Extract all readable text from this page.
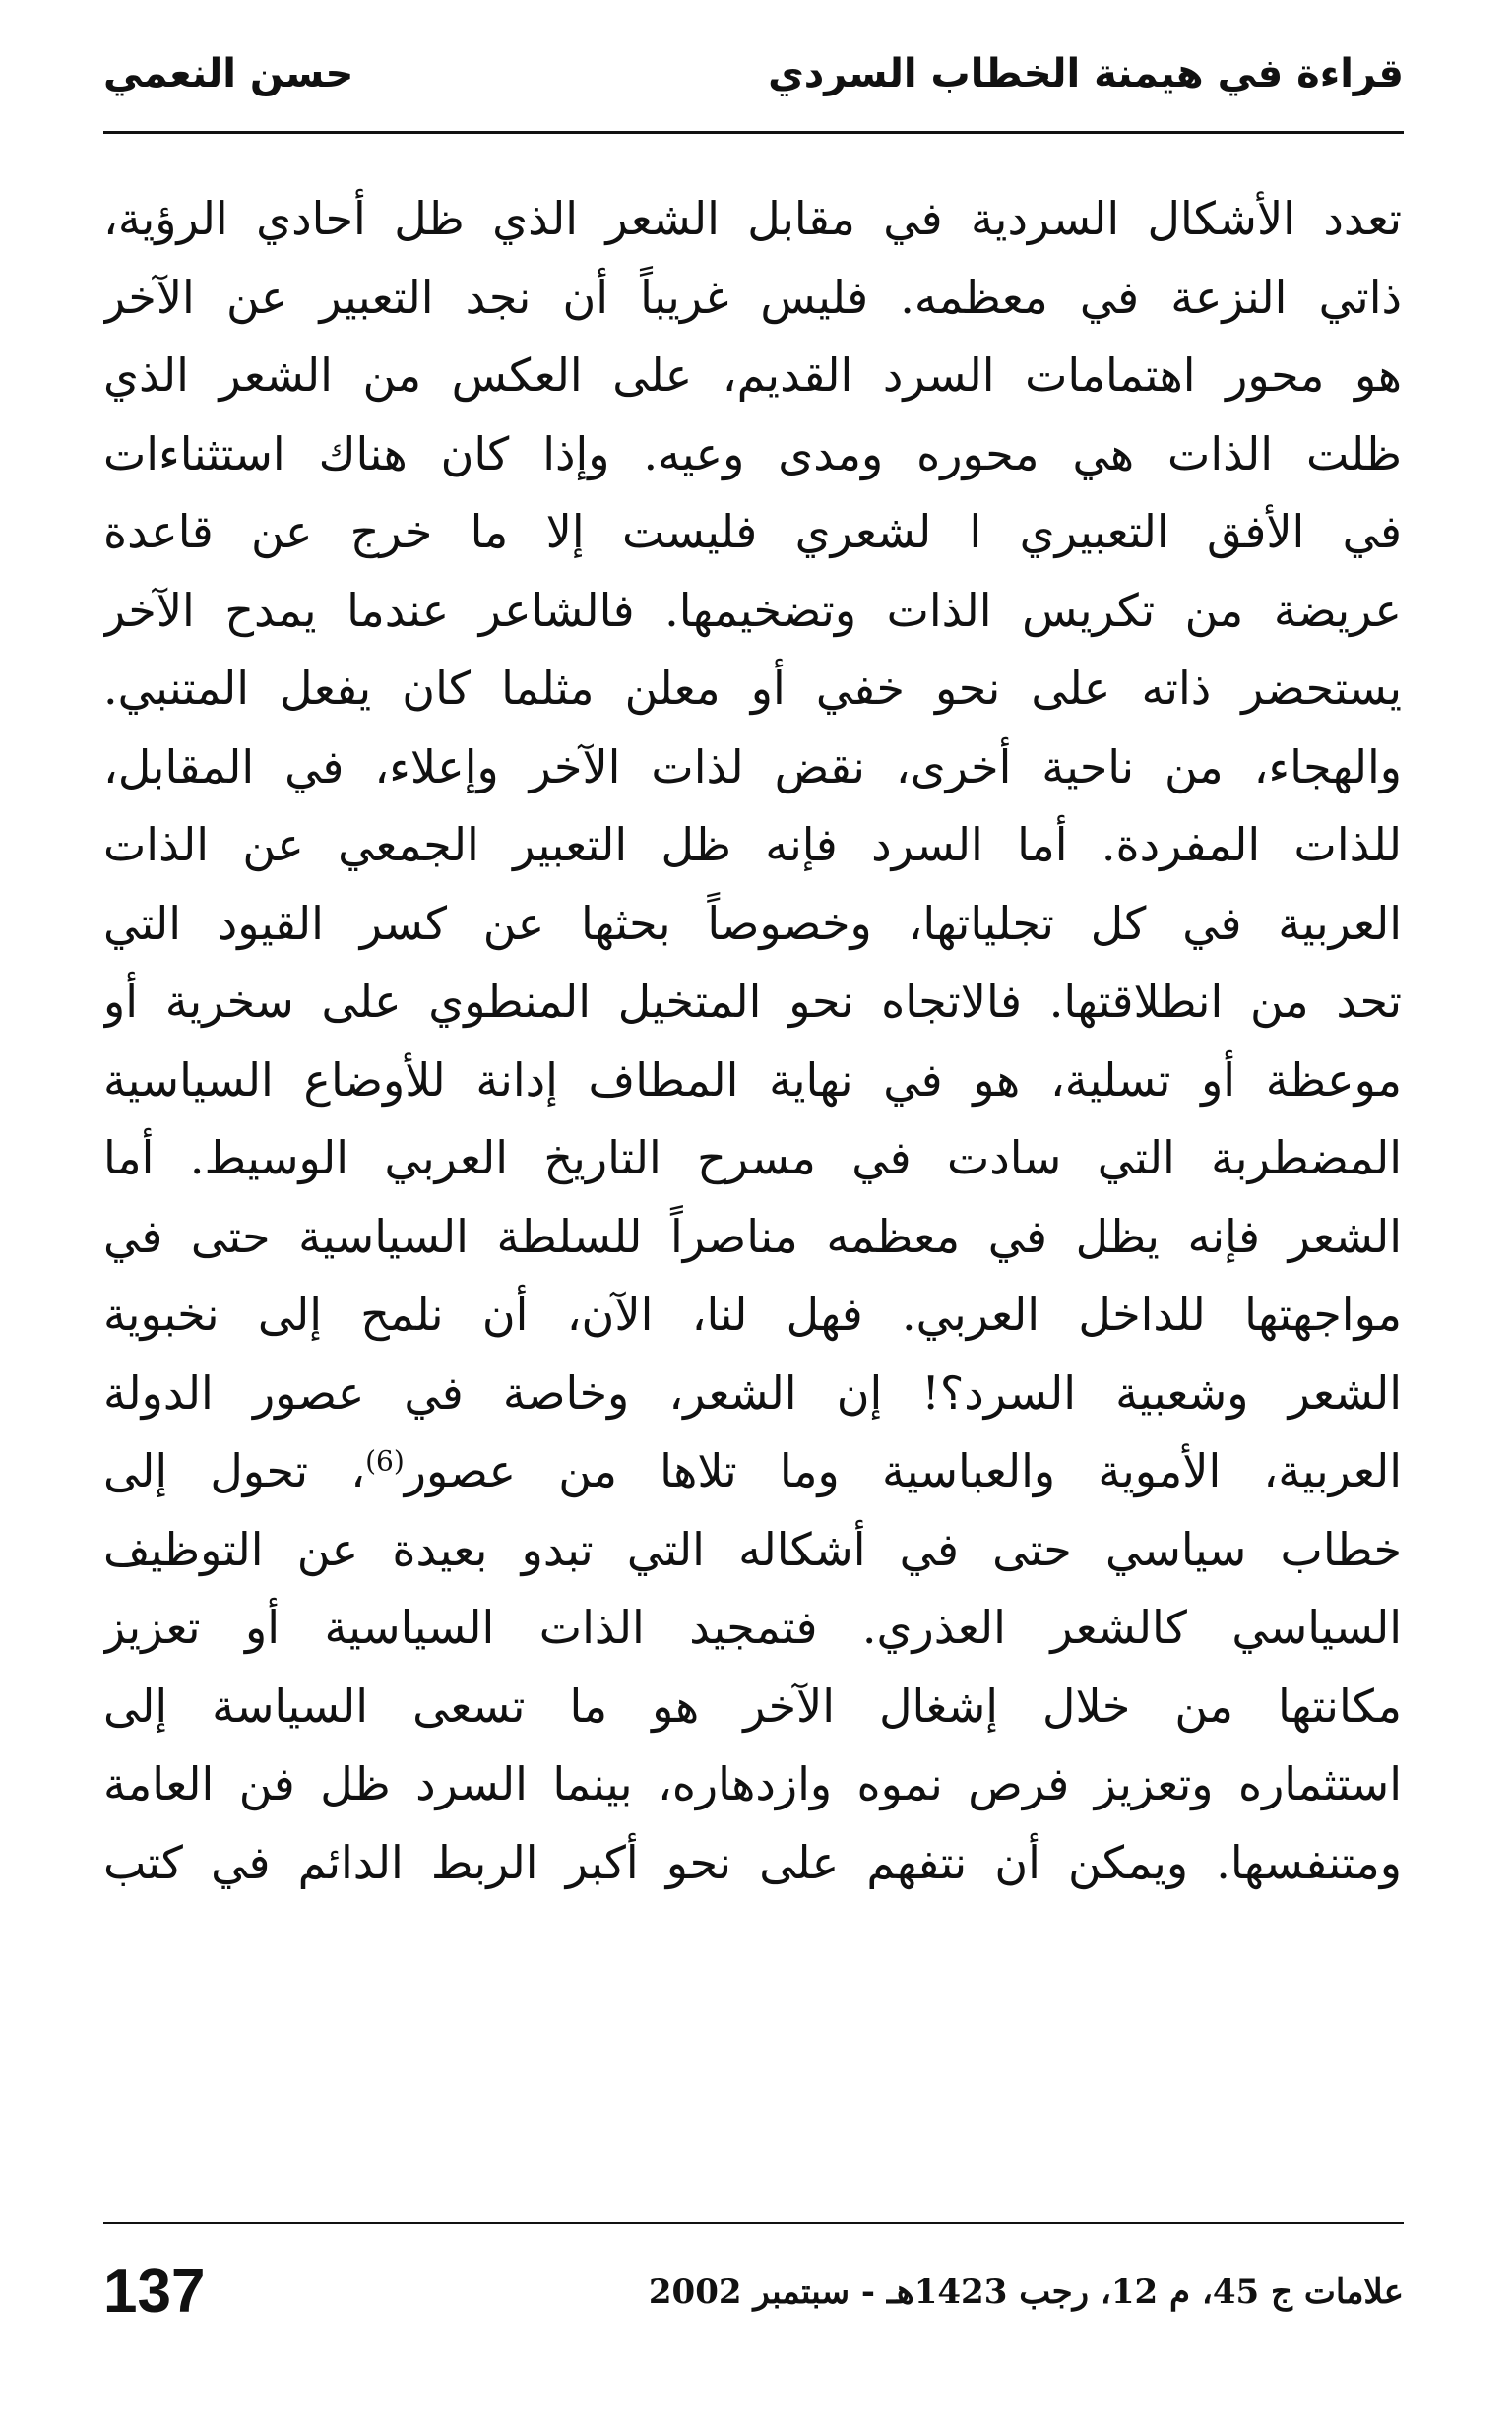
قراءة في هيمنة الخطاب السردي
حسن النعمي
تعدد الأشكال السردية في مقابل الشعر الذي ظل أحادي الرؤية،
ذاتي النزعة في معظمه. فليس غريباً أن نجد التعبير عن الآخر
هو محور اهتمامات السرد القديم، على العكس من الشعر الذي
ظلت الذات هي محوره ومدى وعيه. وإذا كان هناك استثناءات
في الأفق التعبيري ا لشعري فليست إلا ما خرج عن قاعدة
عريضة من تكريس الذات وتضخيمها. فالشاعر عندما يمدح الآخر
يستحضر ذاته على نحو خفي أو معلن مثلما كان يفعل المتنبي.
والهجاء، من ناحية أخرى، نقض لذات الآخر وإعلاء، في المقابل،
للذات المفردة. أما السرد فإنه ظل التعبير الجمعي عن الذات
العربية في كل تجلياتها، وخصوصاً بحثها عن كسر القيود التي
تحد من انطلاقتها. فالاتجاه نحو المتخيل المنطوي على سخرية أو
موعظة أو تسلية، هو في نهاية المطاف إدانة للأوضاع السياسية
المضطربة التي سادت في مسرح التاريخ العربي الوسيط. أما
الشعر فإنه يظل في معظمه مناصراً للسلطة السياسية حتى في
مواجهتها للداخل العربي. فهل لنا، الآن، أن نلمح إلى نخبوية
الشعر وشعبية السرد؟! إن الشعر، وخاصة في عصور الدولة
العربية، الأموية والعباسية وما تلاها من عصور$^{(6)}$، تحول إلى
خطاب سياسي حتى في أشكاله التي تبدو بعيدة عن التوظيف
السياسي كالشعر العذري. فتمجيد الذات السياسية أو تعزيز
مكانتها من خلال إشغال الآخر هو ما تسعى السياسة إلى
استثماره وتعزيز فرص نموه وازدهاره، بينما السرد ظل فن العامة
ومتنفسها. ويمكن أن نتفهم على نحو أكبر الربط الدائم في كتب
علامات ج 45، م 12، رجب 1423هـ - سبتمبر 2002
137
